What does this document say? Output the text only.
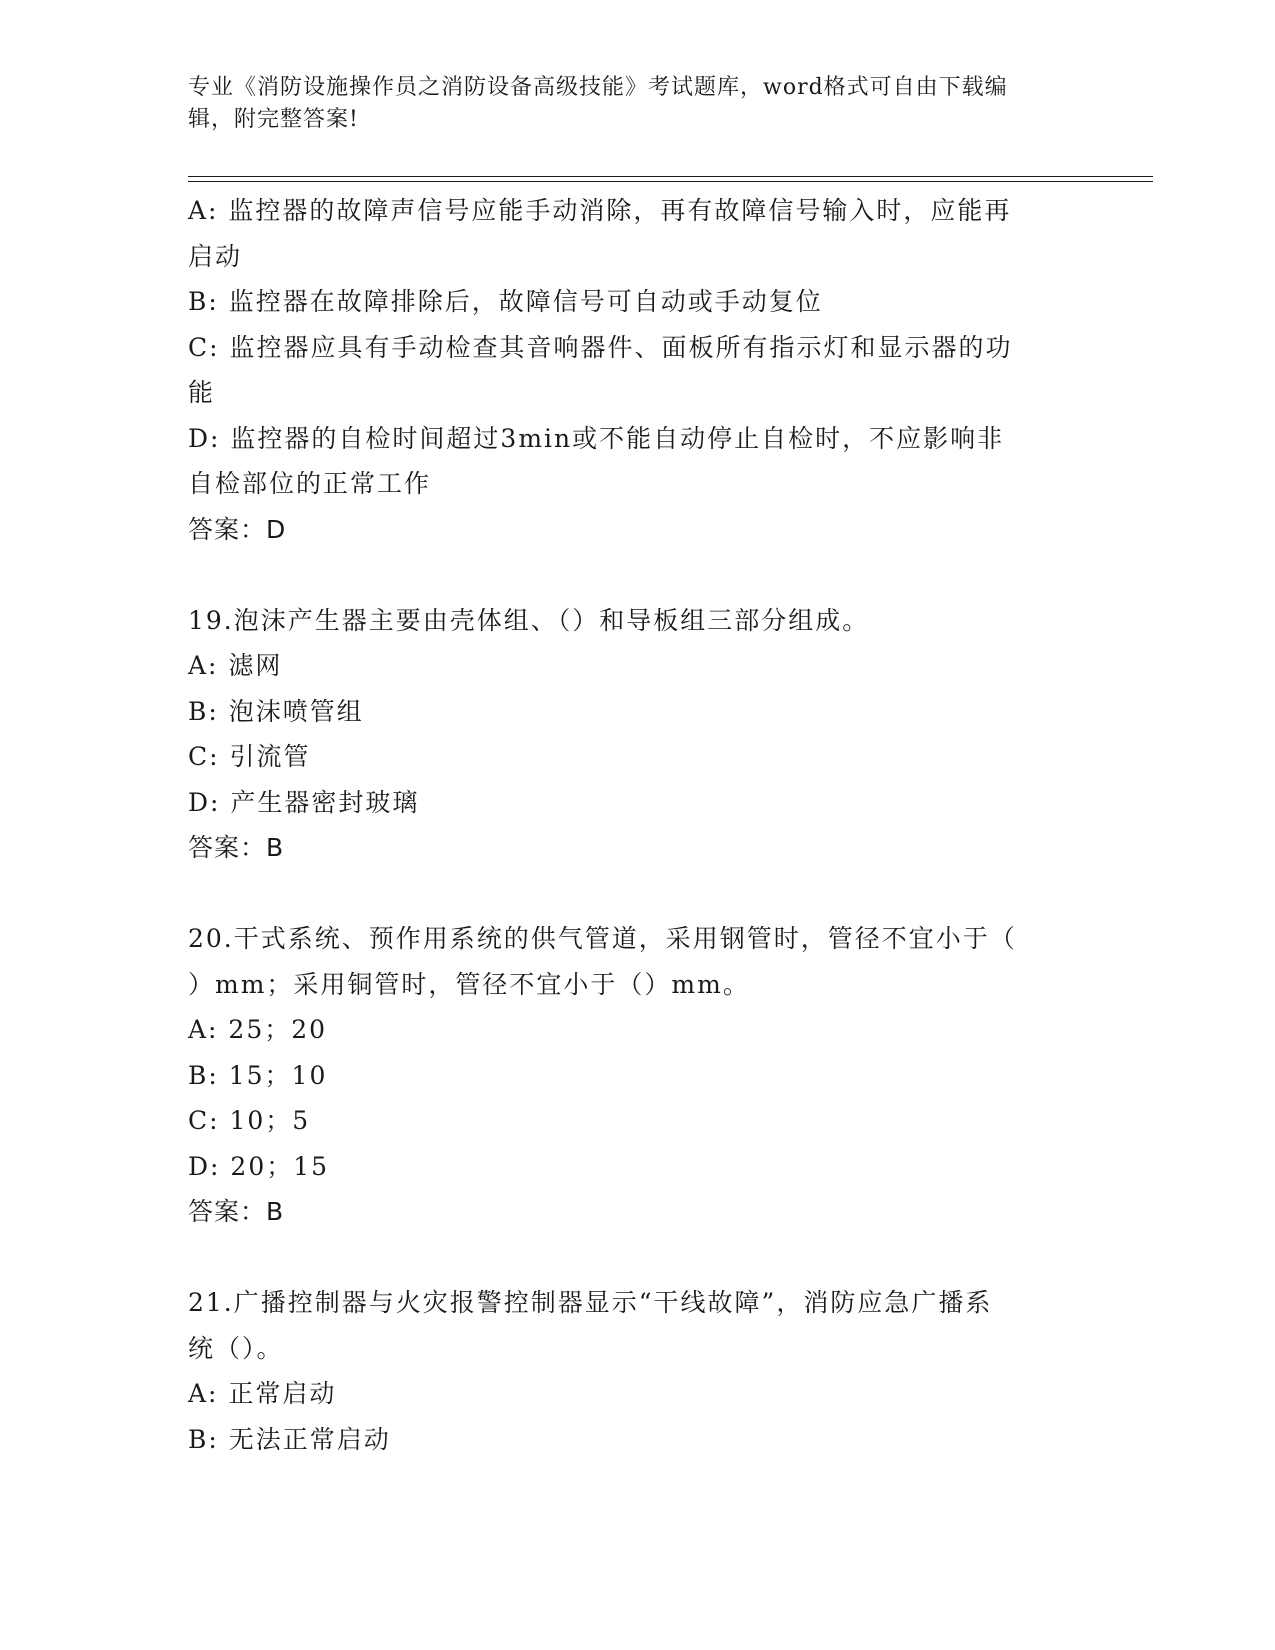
专业《消防设施操作员之消防设备高级技能》考试题库，word格式可自由下载编
辑，附完整答案!
A: 监控器的故障声信号应能手动消除，再有故障信号输入时，应能再
启动
B: 监控器在故障排除后，故障信号可自动或手动复位
C: 监控器应具有手动检查其音响器件、面板所有指示灯和显示器的功
能
D: 监控器的自检时间超过3min或不能自动停止自检时，不应影响非
自检部位的正常工作
答案：D
19.泡沫产生器主要由壳体组、（）和导板组三部分组成。
A: 滤网
B: 泡沫喷管组
C: 引流管
D: 产生器密封玻璃
答案：B
20.干式系统、预作用系统的供气管道，采用钢管时，管径不宜小于（
）mm；采用铜管时，管径不宜小于（）mm。
A: 25；20
B: 15；10
C: 10；5
D: 20；15
答案：B
21.广播控制器与火灾报警控制器显示“干线故障”，消防应急广播系
统（）。
A: 正常启动
B: 无法正常启动
